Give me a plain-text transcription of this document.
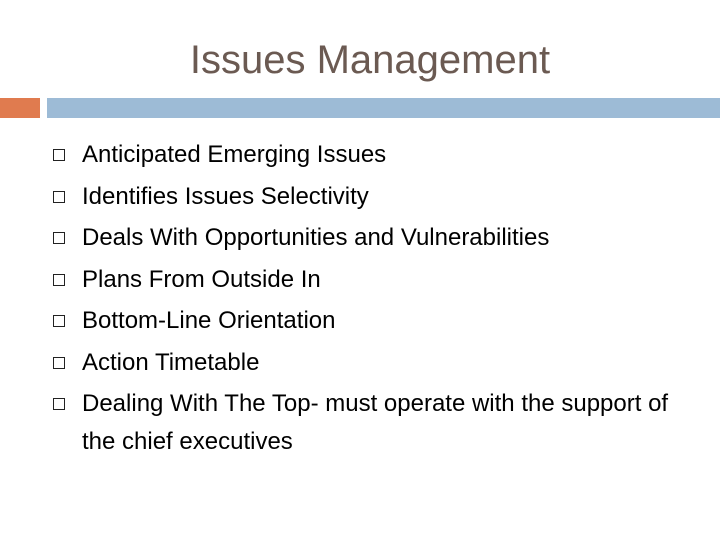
Issues Management
Anticipated Emerging Issues
Identifies Issues Selectivity
Deals With Opportunities and Vulnerabilities
Plans From Outside In
Bottom-Line Orientation
Action Timetable
Dealing With The Top- must operate with the support of the chief executives
